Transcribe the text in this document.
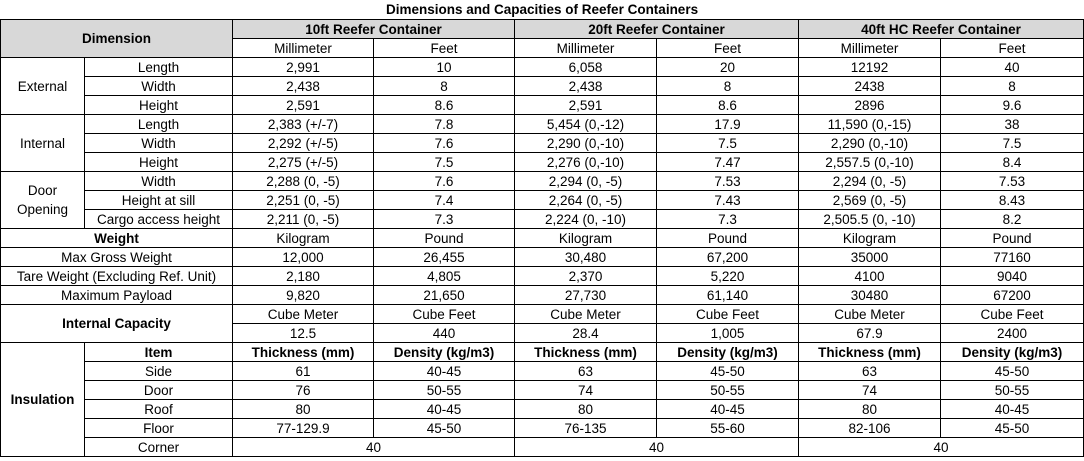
Dimensions and Capacities of Reefer Containers							
Dimension		10ft Reefer Container		20ft Reefer Container		40ft HC Reefer Container	
		Millimeter	Feet	Millimeter	Feet	Millimeter	Feet
External	Length	2,991	10	6,058	20	12192	40
	Width	2,438	8	2,438	8	2438	8
	Height	2,591	8.6	2,591	8.6	2896	9.6
Internal	Length	2,383 (+/-7)	7.8	5,454 (0,-12)	17.9	11,590 (0,-15)	38
	Width	2,292 (+/-5)	7.6	2,290 (0,-10)	7.5	2,290 (0,-10)	7.5
	Height	2,275 (+/-5)	7.5	2,276 (0,-10)	7.47	2,557.5 (0,-10)	8.4
Door Opening	Width	2,288 (0, -5)	7.6	2,294 (0, -5)	7.53	2,294 (0, -5)	7.53
	Height at sill	2,251 (0, -5)	7.4	2,264 (0, -5)	7.43	2,569 (0, -5)	8.43
	Cargo access height	2,211 (0, -5)	7.3	2,224 (0, -10)	7.3	2,505.5 (0, -10)	8.2
Weight		Kilogram	Pound	Kilogram	Pound	Kilogram	Pound
Max Gross Weight		12,000	26,455	30,480	67,200	35000	77160
Tare Weight (Excluding Ref. Unit)		2,180	4,805	2,370	5,220	4100	9040
Maximum Payload		9,820	21,650	27,730	61,140	30480	67200
Internal Capacity		Cube Meter	Cube Feet	Cube Meter	Cube Feet	Cube Meter	Cube Feet
		12.5	440	28.4	1,005	67.9	2400
Insulation	Item	Thickness (mm)	Density (kg/m3)	Thickness (mm)	Density (kg/m3)	Thickness (mm)	Density (kg/m3)
	Side	61	40-45	63	45-50	63	45-50
	Door	76	50-55	74	50-55	74	50-55
	Roof	80	40-45	80	40-45	80	40-45
	Floor	77-129.9	45-50	76-135	55-60	82-106	45-50
	Corner	40		40		40	
